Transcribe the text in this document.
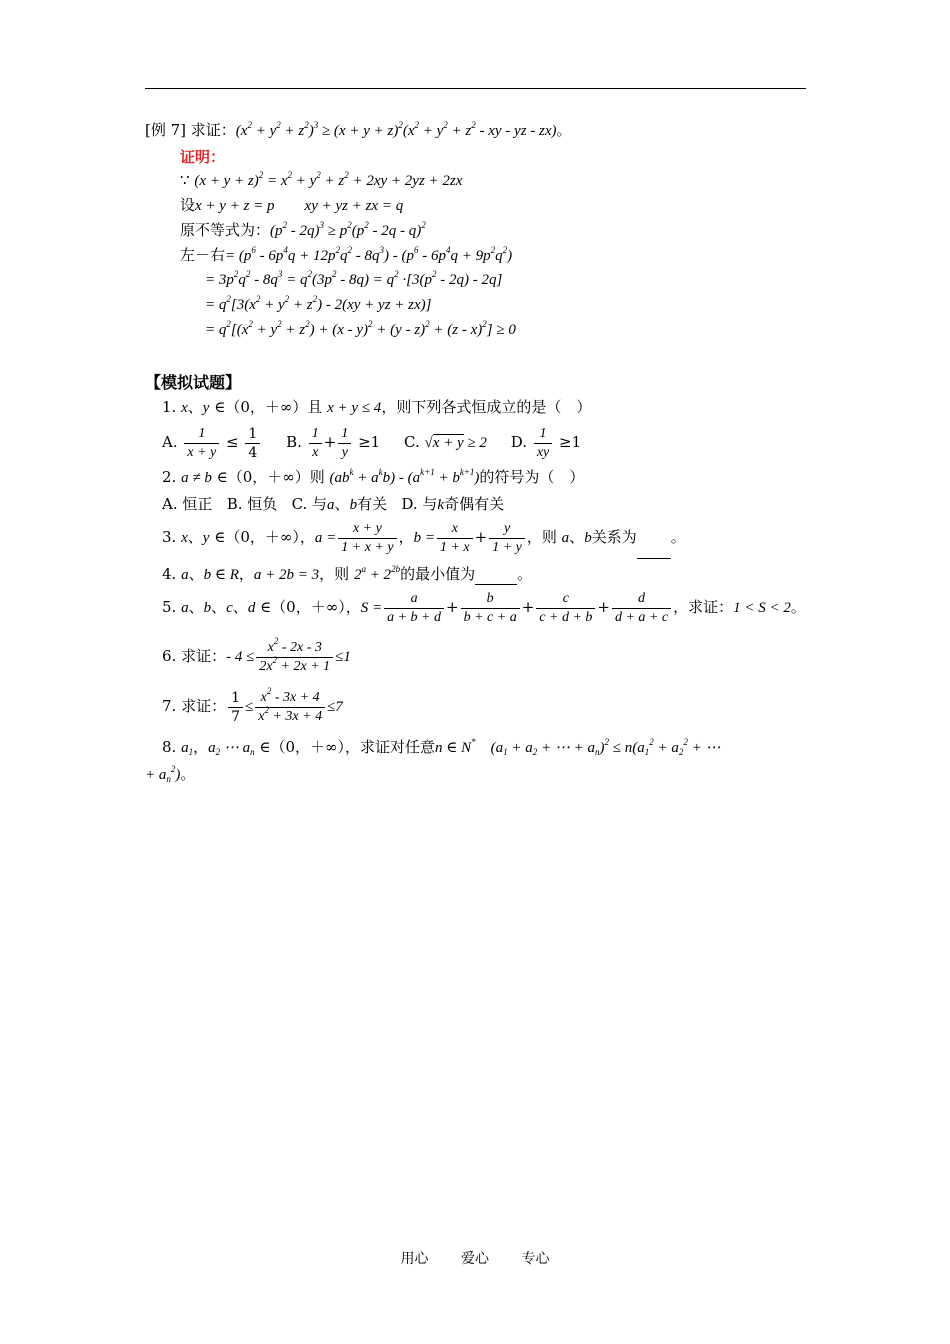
[例 7] 求证：$(x^2 + y^2 + z^2)^3 \ge (x + y + z)^2(x^2 + y^2 + z^2$ - xy - yz - zx)。
证明：
∵ $(x + y + z)^2 = x^2 + y^2 + z^2 + 2xy + 2yz + 2zx$
设x + y + z = p　　xy + yz + zx = q
原不等式为：$(p^2 - 2q)^3 \ge p^2(p^2 - 2q - q)^2$
左－右= $(p^6 - 6p^4q + 12p^2q^2 - 8q^3) - (p^6 - 6p^4q + 9p^2q^2)$
= $3p^2q^2 - 8q^3 = q^2(3p^2 - 8q) = q^2 \cdot[3(p^2 - 2q) - 2q]$
= $q^2[3(x^2 + y^2 + z^2) - 2(xy$ + yz + zx)]
= $q^2[(x^2 + y^2 + z^2) + (x - y)^2 + (y - z)^2 + (z - x)^2] \ge 0$
【模拟试题】
1. x、y ∈（0，＋∞）且 x + y ≤ 4，则下列各式恒成立的是（　）
A. $\frac{1}{x + y} \le \frac{1}{4} B$. $\frac{1}{x} + \frac{1}{y} \ge 1$     C. √x + y ≥ 2 D. $\frac{1}{xy} \ge 1$
2. a ≠ b ∈（0，＋∞）则 $(ab^k + a^kb) - (a^{k+1} + b^{k+1})$的符号为（　）
A. 恒正 B. 恒负 C. 与a、b有关 D. 与k奇偶有关
3. x、y ∈（0，＋∞），$a = \frac{x + y}{1 + x + y}$ ，$b = \frac{x}{1 + x} + \frac{y}{1 + y}$ ，则 a、b关系为 。
4. a、b ∈ R，a + 2b = 3，则 $2^a + 2^{2b}$的最小值为	。
5. a、b、c、d ∈（0，＋∞），$S = \frac{a}{a + b + d} + \frac{b}{b + c + a} + \frac{c}{c + d + b} + \frac{d}{d + a + c}$ ，求证：1 < S < 2。
6. 求证：- $4 \le \frac{x^2 - 2x - 3}{2x^2 + 2x + 1} \le 1$
7. 求证： $\frac{1}{7} \le \frac{x^2 - 3x + 4}{x^2 + 3x + 4} \le 7$
8. $a_1$，$a_2$ ⋯ $a_n$ ∈（0，＋∞），求证对任意n ∈ N*　($a_1 + a_2$ + ⋯ + $a_n)^2 \le n(a_1^2 + a_2^2$ + ⋯
+ $a_n^2$)。
用心 爱心 专心
